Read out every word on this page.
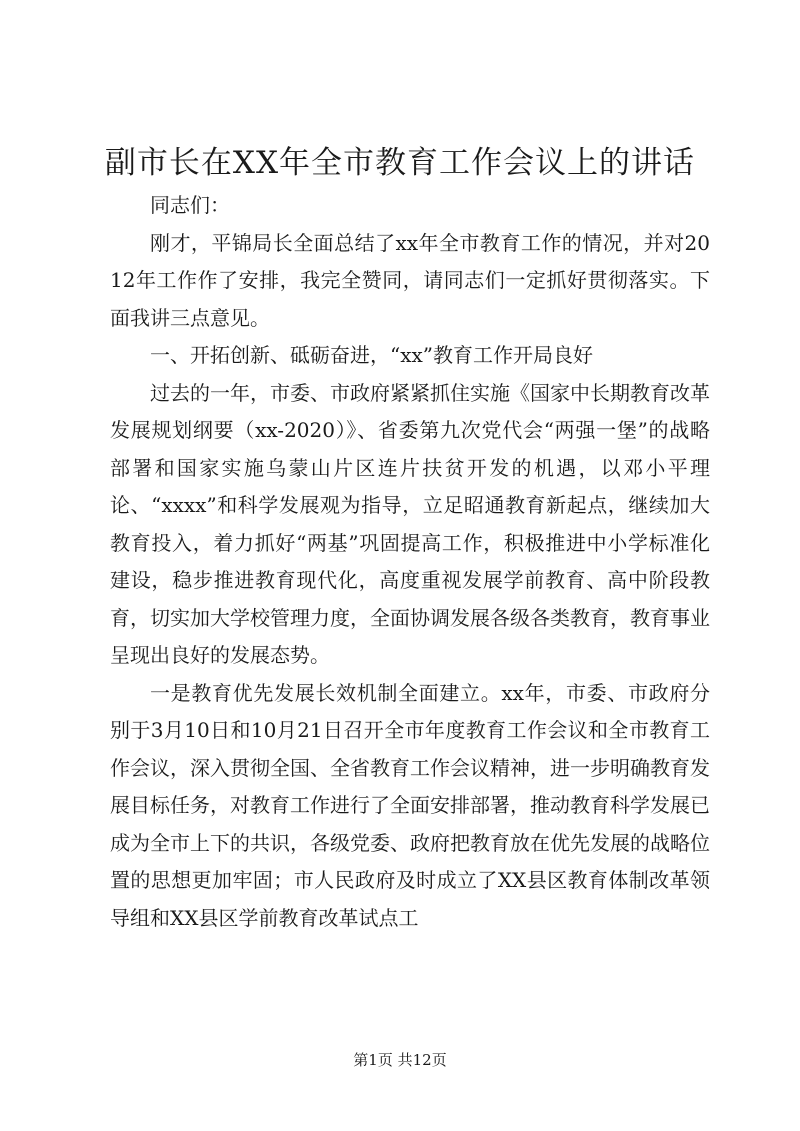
副市长在XX年全市教育工作会议上的讲话

同志们：

刚才，平锦局长全面总结了xx年全市教育工作的情况，并对2012年工作作了安排，我完全赞同，请同志们一定抓好贯彻落实。下面我讲三点意见。

一、开拓创新、砥砺奋进，“xx”教育工作开局良好

过去的一年，市委、市政府紧紧抓住实施《国家中长期教育改革发展规划纲要（xx-2020）》、省委第九次党代会“两强一堡”的战略部署和国家实施乌蒙山片区连片扶贫开发的机遇，以邓小平理论、“xxxx”和科学发展观为指导，立足昭通教育新起点，继续加大教育投入，着力抓好“两基”巩固提高工作，积极推进中小学标准化建设，稳步推进教育现代化，高度重视发展学前教育、高中阶段教育，切实加大学校管理力度，全面协调发展各级各类教育，教育事业呈现出良好的发展态势。

一是教育优先发展长效机制全面建立。xx年，市委、市政府分别于3月10日和10月21日召开全市年度教育工作会议和全市教育工作会议，深入贯彻全国、全省教育工作会议精神，进一步明确教育发展目标任务，对教育工作进行了全面安排部署，推动教育科学发展已成为全市上下的共识，各级党委、政府把教育放在优先发展的战略位置的思想更加牢固；市人民政府及时成立了XX县区教育体制改革领导组和XX县区学前教育改革试点工

第1页 共12页
